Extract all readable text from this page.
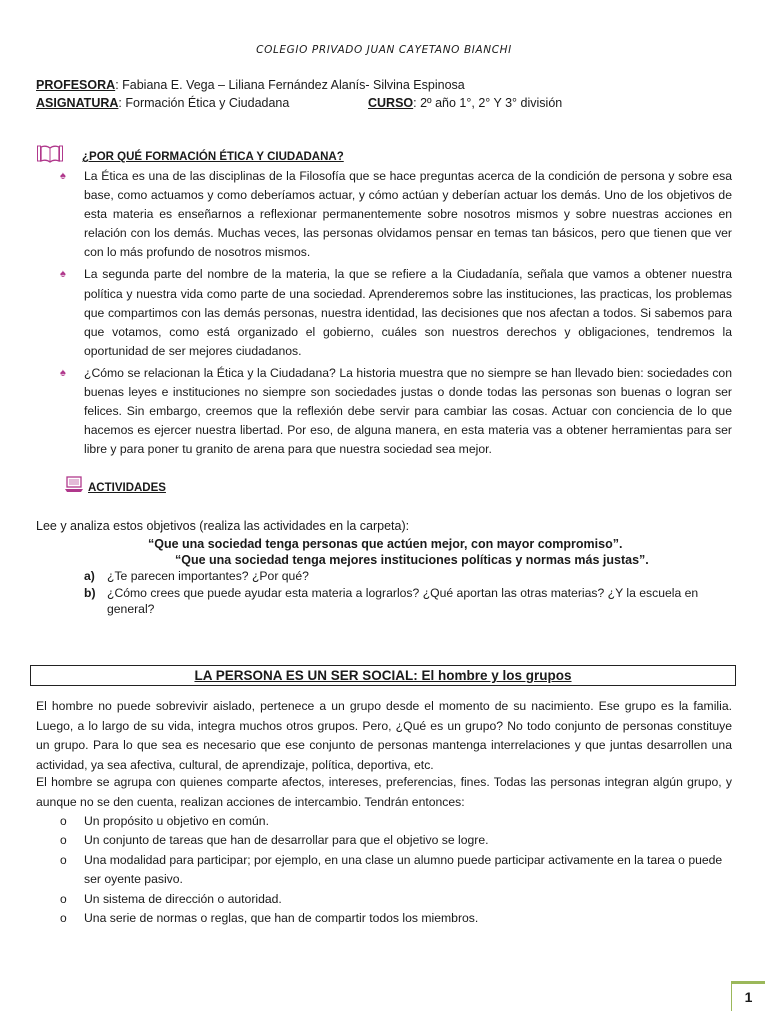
COLEGIO PRIVADO JUAN CAYETANO BIANCHI
PROFESORA: Fabiana E. Vega – Liliana Fernández Alanís- Silvina Espinosa
ASIGNATURA: Formación Ética y Ciudadana	CURSO: 2º año 1°, 2° Y 3° división
¿POR QUÉ FORMACIÓN ÉTICA Y CIUDADANA?
♠ La Ética es una de las disciplinas de la Filosofía que se hace preguntas acerca de la condición de persona y sobre esa base, como actuamos y como deberíamos actuar, y cómo actúan y deberían actuar los demás. Uno de los objetivos de esta materia es enseñarnos a reflexionar permanentemente sobre nosotros mismos y sobre nuestras acciones en relación con los demás. Muchas veces, las personas olvidamos pensar en temas tan básicos, pero que tienen que ver con lo más profundo de nosotros mismos.
♠ La segunda parte del nombre de la materia, la que se refiere a la Ciudadanía, señala que vamos a obtener nuestra política y nuestra vida como parte de una sociedad. Aprenderemos sobre las instituciones, las practicas, los problemas que compartimos con las demás personas, nuestra identidad, las decisiones que nos afectan a todos. Si sabemos para que votamos, como está organizado el gobierno, cuáles son nuestros derechos y obligaciones, tendremos la oportunidad de ser mejores ciudadanos.
♠ ¿Cómo se relacionan la Ética y la Ciudadana? La historia muestra que no siempre se han llevado bien: sociedades con buenas leyes e instituciones no siempre son sociedades justas o donde todas las personas son buenas o logran ser felices. Sin embargo, creemos que la reflexión debe servir para cambiar las cosas. Actuar con conciencia de lo que hacemos es ejercer nuestra libertad. Por eso, de alguna manera, en esta materia vas a obtener herramientas para ser libre y para poner tu granito de arena para que nuestra sociedad sea mejor.
ACTIVIDADES
Lee y analiza estos objetivos (realiza las actividades en la carpeta):
“Que una sociedad tenga personas que actúen mejor, con mayor compromiso”.
“Que una sociedad tenga mejores instituciones políticas y normas más justas”.
a) ¿Te parecen importantes? ¿Por qué?
b) ¿Cómo crees que puede ayudar esta materia a lograrlos? ¿Qué aportan las otras materias? ¿Y la escuela en general?
LA PERSONA ES UN SER SOCIAL: El hombre y los grupos

El hombre no puede sobrevivir aislado, pertenece a un grupo desde el momento de su nacimiento. Ese grupo es la familia. Luego, a lo largo de su vida, integra muchos otros grupos. Pero, ¿Qué es un grupo? No todo conjunto de personas constituye un grupo. Para lo que sea es necesario que ese conjunto de personas mantenga interrelaciones y que juntas desarrollen una actividad, ya sea afectiva, cultural, de aprendizaje, política, deportiva, etc.

El hombre se agrupa con quienes comparte afectos, intereses, preferencias, fines. Todas las personas integran algún grupo, y aunque no se den cuenta, realizan acciones de intercambio. Tendrán entonces:

o Un propósito u objetivo en común.
o Un conjunto de tareas que han de desarrollar para que el objetivo se logre.
o Una modalidad para participar; por ejemplo, en una clase un alumno puede participar activamente en la tarea o puede ser oyente pasivo.
o Un sistema de dirección o autoridad.
o Una serie de normas o reglas, que han de compartir todos los miembros.
1
